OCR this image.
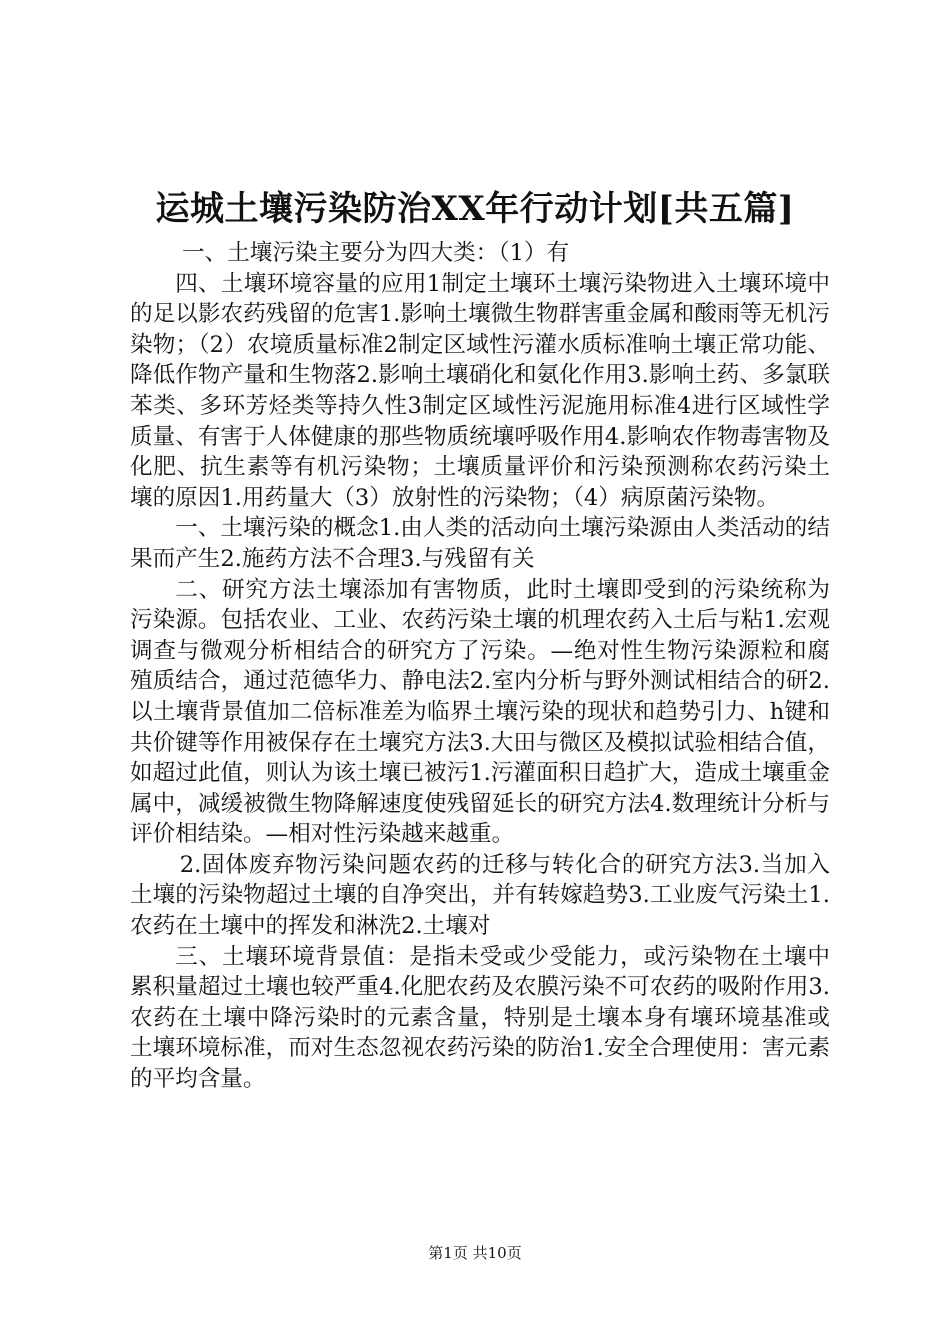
运城土壤污染防治XX年行动计划[共五篇]

一、土壤污染主要分为四大类：（1）有

四、土壤环境容量的应用1制定土壤环土壤污染物进入土壤环境中的足以影农药残留的危害1.影响土壤微生物群害重金属和酸雨等无机污染物；（2）农境质量标准2制定区域性污灌水质标准响土壤正常功能、降低作物产量和生物落2.影响土壤硝化和氨化作用3.影响土药、多氯联苯类、多环芳烃类等持久性3制定区域性污泥施用标准4进行区域性学质量、有害于人体健康的那些物质统壤呼吸作用4.影响农作物毒害物及化肥、抗生素等有机污染物；土壤质量评价和污染预测称农药污染土壤的原因1.用药量大（3）放射性的污染物；（4）病原菌污染物。

一、土壤污染的概念1.由人类的活动向土壤污染源由人类活动的结果而产生2.施药方法不合理3.与残留有关

二、研究方法土壤添加有害物质，此时土壤即受到的污染统称为污染源。包括农业、工业、农药污染土壤的机理农药入土后与粘1.宏观调查与微观分析相结合的研究方了污染。—绝对性生物污染源粒和腐殖质结合，通过范德华力、静电法2.室内分析与野外测试相结合的研2.以土壤背景值加二倍标准差为临界土壤污染的现状和趋势引力、h键和共价键等作用被保存在土壤究方法3.大田与微区及模拟试验相结合值，如超过此值，则认为该土壤已被污1.污灌面积日趋扩大，造成土壤重金属中，减缓被微生物降解速度使残留延长的研究方法4.数理统计分析与评价相结染。—相对性污染越来越重。

2.固体废弃物污染问题农药的迁移与转化合的研究方法3.当加入土壤的污染物超过土壤的自净突出，并有转嫁趋势3.工业废气污染土1.农药在土壤中的挥发和淋洗2.土壤对

三、土壤环境背景值：是指未受或少受能力，或污染物在土壤中累积量超过土壤也较严重4.化肥农药及农膜污染不可农药的吸附作用3.农药在土壤中降污染时的元素含量，特别是土壤本身有壤环境基准或土壤环境标准，而对生态忽视农药污染的防治1.安全合理使用：害元素的平均含量。

第1页 共10页
